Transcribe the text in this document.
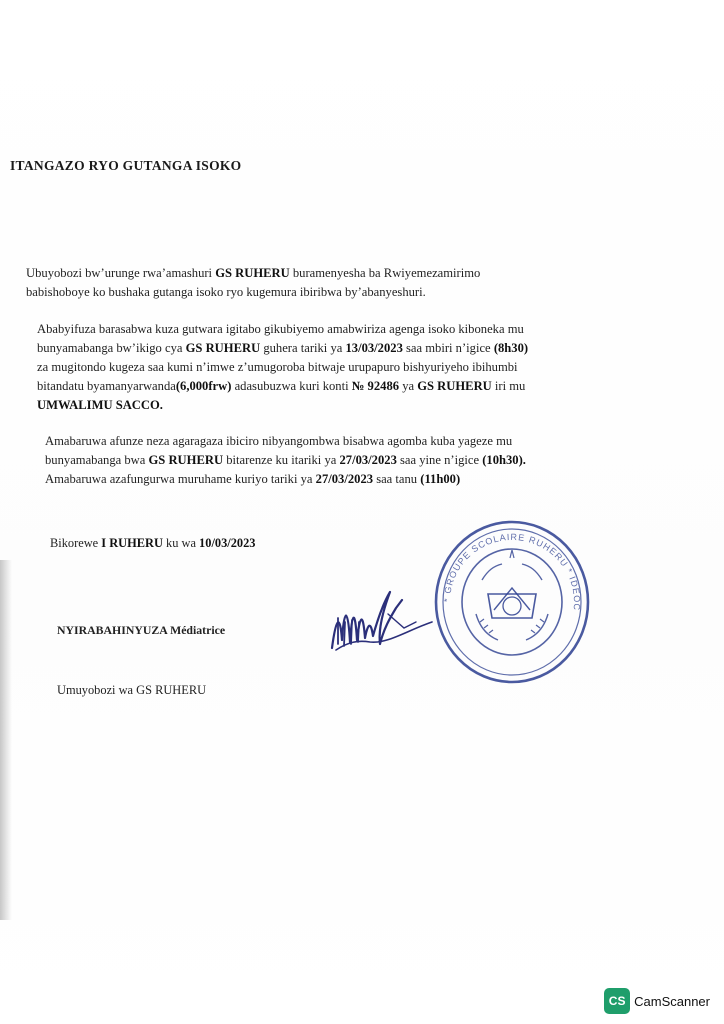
ITANGAZO RYO GUTANGA ISOKO
Ubuyobozi bw’urunge rwa’amashuri GS RUHERU buramenyesha ba Rwiyemezamirimo
babishoboye ko bushaka gutanga isoko ryo kugemura ibiribwa by’abanyeshuri.
Ababyifuza barasabwa kuza gutwara igitabo gikubiyemo amabwiriza agenga isoko kiboneka mu
bunyamabanga bw’ikigo cya GS RUHERU guhera tariki ya 13/03/2023 saa mbiri n’igice (8h30)
za mugitondo kugeza saa kumi n’imwe z’umugoroba bitwaje urupapuro bishyuriyeho ibihumbi
bitandatu byamanyarwanda(6,000frw) adasubuzwa kuri konti № 92486 ya GS RUHERU iri mu
UMWALIMU SACCO.
Amabaruwa afunze neza agaragaza ibiciro nibyangombwa bisabwa agomba kuba yageze mu
bunyamabanga bwa GS RUHERU bitarenze ku itariki ya 27/03/2023 saa yine n’igice (10h30).
Amabaruwa azafungurwa muruhame kuriyo tariki ya 27/03/2023 saa tanu (11h00)
Bikorewe I RUHERU ku wa 10/03/2023
* GROUPE SCOLAIRE RUHERU * IDEOC
NYIRABAHINYUZA Médiatrice
Umuyobozi wa GS RUHERU
CS CamScanner
